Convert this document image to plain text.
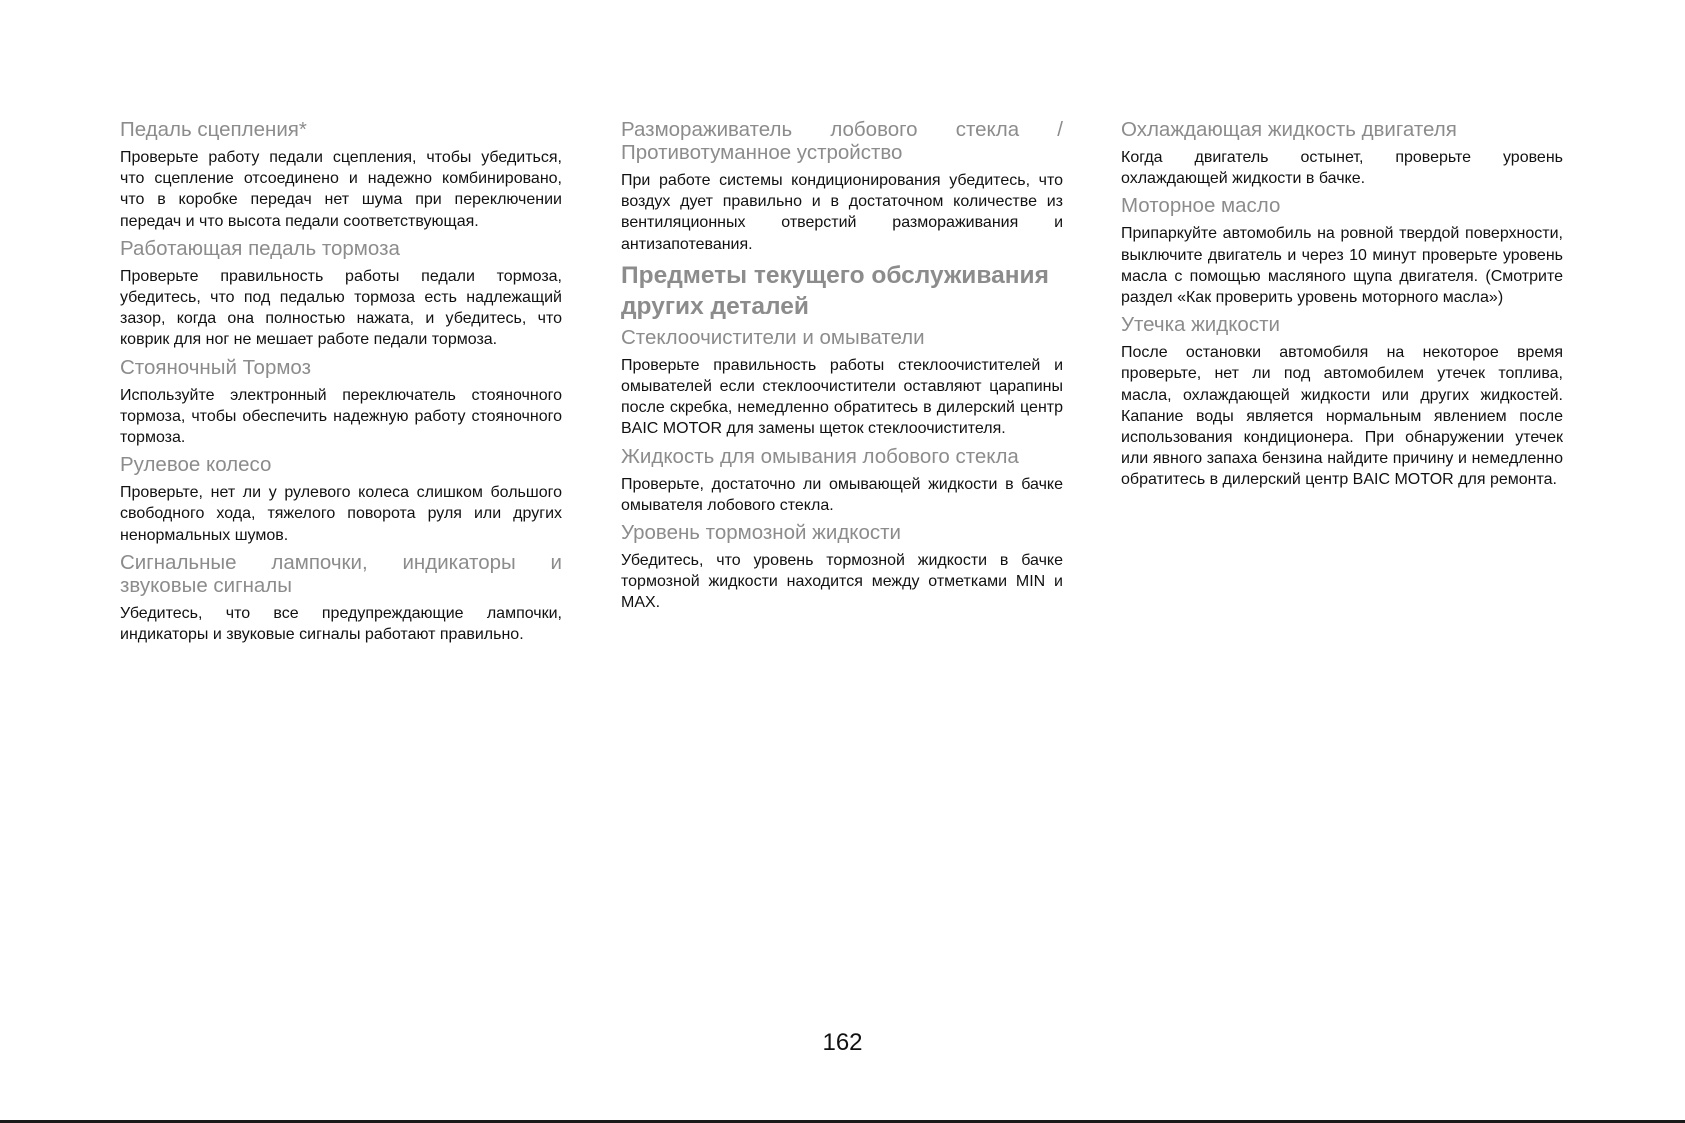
Педаль сцепления*

Проверьте работу педали сцепления, чтобы убедиться, что сцепление отсоединено и надежно комбинировано, что в коробке передач нет шума при переключении передач и что высота педали соответствующая.

Работающая педаль тормоза

Проверьте правильность работы педали тормоза, убедитесь, что под педалью тормоза есть надлежащий зазор, когда она полностью нажата, и убедитесь, что коврик для ног не мешает работе педали тормоза.

Стояночный Тормоз

Используйте электронный переключатель стояночного тормоза, чтобы обеспечить надежную работу стояночного тормоза.

Рулевое колесо

Проверьте, нет ли у рулевого колеса слишком большого свободного хода, тяжелого поворота руля или других ненормальных шумов.

Сигнальные лампочки, индикаторы и звуковые сигналы

Убедитесь, что все предупреждающие лампочки, индикаторы и звуковые сигналы работают правильно.

Размораживатель лобового стекла /Противотуманное устройство

При работе системы кондиционирования убедитесь, что воздух дует правильно и в достаточном количестве из вентиляционных отверстий размораживания и антизапотевания.

Предметы текущего обслуживания других деталей
Стеклоочистители и омыватели

Проверьте правильность работы стеклоочистителей и омывателей если стеклоочистители оставляют царапины после скребка, немедленно обратитесь в дилерский центр BAIC MOTOR для замены щеток стеклоочистителя.

Жидкость для омывания лобового стекла

Проверьте, достаточно ли омывающей жидкости в бачке омывателя лобового стекла.

Уровень тормозной жидкости

Убедитесь, что уровень тормозной жидкости в бачке тормозной жидкости находится между отметками MIN и MAX.

Охлаждающая жидкость двигателя

Когда двигатель остынет, проверьте уровень охлаждающей жидкости в бачке.

Моторное масло

Припаркуйте автомобиль на ровной твердой поверхности, выключите двигатель и через 10 минут проверьте уровень масла с помощью масляного щупа двигателя. (Смотрите раздел «Как проверить уровень моторного масла»)

Утечка жидкости

После остановки автомобиля на некоторое время проверьте, нет ли под автомобилем утечек топлива, масла, охлаждающей жидкости или других жидкостей. Капание воды является нормальным явлением после использования кондиционера. При обнаружении утечек или явного запаха бензина найдите причину и немедленно обратитесь в дилерский центр BAIC MOTOR для ремонта.

162
